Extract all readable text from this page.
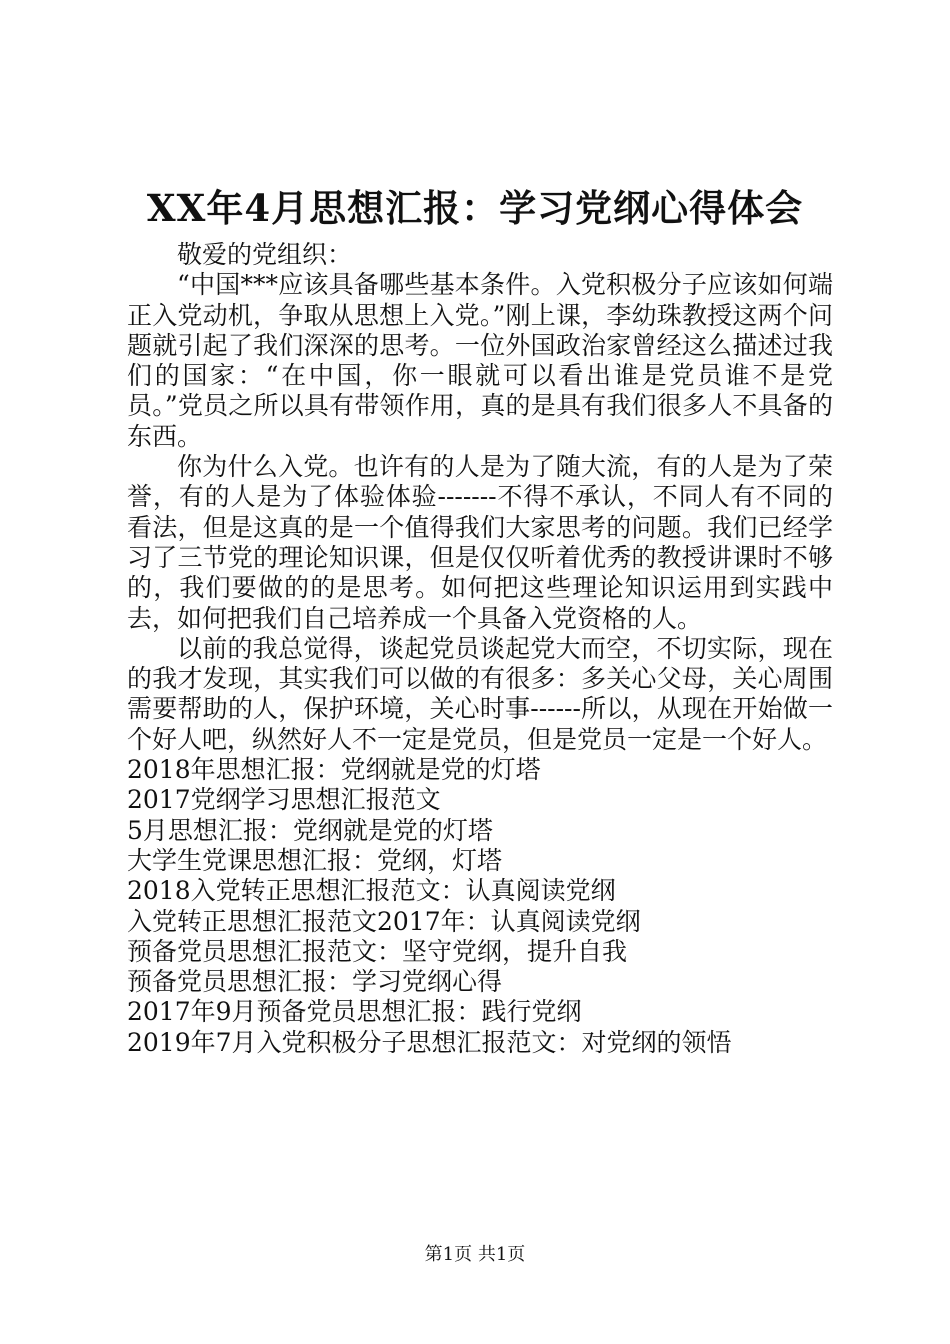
XX年4月思想汇报：学习党纲心得体会

敬爱的党组织：

“中国***应该具备哪些基本条件。入党积极分子应该如何端正入党动机，争取从思想上入党。”刚上课，李幼珠教授这两个问题就引起了我们深深的思考。一位外国政治家曾经这么描述过我们的国家：“在中国，你一眼就可以看出谁是党员谁不是党员。”党员之所以具有带领作用，真的是具有我们很多人不具备的东西。

你为什么入党。也许有的人是为了随大流，有的人是为了荣誉，有的人是为了体验体验-------不得不承认，不同人有不同的看法，但是这真的是一个值得我们大家思考的问题。我们已经学习了三节党的理论知识课，但是仅仅听着优秀的教授讲课时不够的，我们要做的的是思考。如何把这些理论知识运用到实践中去，如何把我们自己培养成一个具备入党资格的人。

以前的我总觉得，谈起党员谈起党大而空，不切实际，现在的我才发现，其实我们可以做的有很多：多关心父母，关心周围需要帮助的人，保护环境，关心时事------所以，从现在开始做一个好人吧，纵然好人不一定是党员，但是党员一定是一个好人。

2018年思想汇报：党纲就是党的灯塔

2017党纲学习思想汇报范文

5月思想汇报：党纲就是党的灯塔

大学生党课思想汇报：党纲，灯塔

2018入党转正思想汇报范文：认真阅读党纲

入党转正思想汇报范文2017年：认真阅读党纲

预备党员思想汇报范文：坚守党纲，提升自我

预备党员思想汇报：学习党纲心得

2017年9月预备党员思想汇报：践行党纲

2019年7月入党积极分子思想汇报范文：对党纲的领悟

第1页 共1页
